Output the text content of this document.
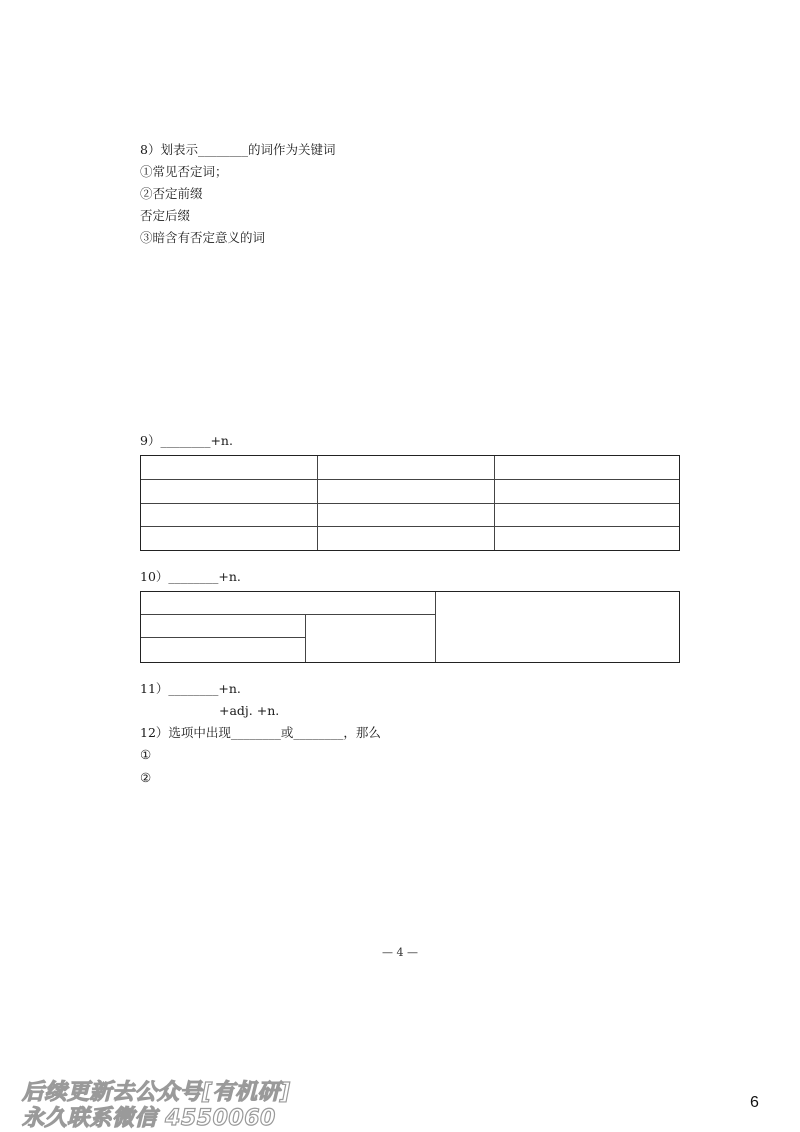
8）划表示________的词作为关键词
①常见否定词；
②否定前缀
否定后缀
③暗含有否定意义的词
9）________+n.
10）________+n.
11）________+n.
+adj. +n.
12）选项中出现________或________，那么
①
②
— 4 —
后续更新去公众号[有机研]
永久联系微信 4550060
6
